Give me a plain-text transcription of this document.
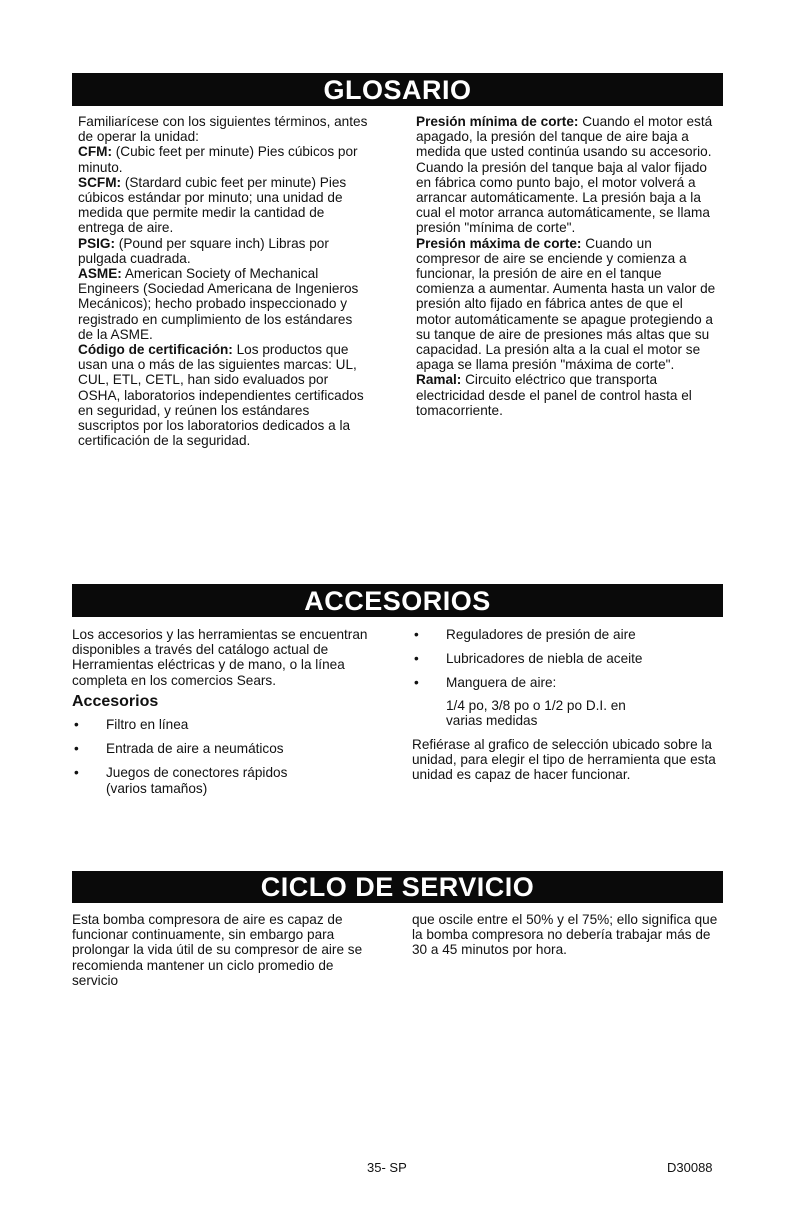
GLOSARIO

Familiarícese con los siguientes términos, antes de operar la unidad:

CFM: (Cubic feet per minute) Pies cúbicos por minuto.

SCFM: (Stardard cubic feet per minute) Pies cúbicos estándar por minuto; una unidad de medida que permite medir la cantidad de entrega de aire.

PSIG: (Pound per square inch) Libras por pulgada cuadrada.

ASME: American Society of Mechanical Engineers (Sociedad Americana de Ingenieros Mecánicos); hecho probado inspeccionado y registrado en cumplimiento de los estándares de la ASME.

Código de certificación: Los productos que usan una o más de las siguientes marcas: UL, CUL, ETL, CETL, han sido evaluados por OSHA, laboratorios independientes certificados en seguridad, y reúnen los estándares suscriptos por los laboratorios dedicados a la certificación de la seguridad.

Presión mínima de corte: Cuando el motor está apagado, la presión del tanque de aire baja a medida que usted continúa usando su accesorio. Cuando la presión del tanque baja al valor fijado en fábrica como punto bajo, el motor volverá a arrancar automáticamente. La presión baja a la cual el motor arranca automáticamente, se llama presión "mínima de corte".

Presión máxima de corte: Cuando un compresor de aire se enciende y comienza a funcionar, la presión de aire en el tanque comienza a aumentar. Aumenta hasta un valor de presión alto fijado en fábrica antes de que el motor automáticamente se apague protegiendo a su tanque de aire de presiones más altas que su capacidad. La presión alta a la cual el motor se apaga se llama presión "máxima de corte".

Ramal: Circuito eléctrico que transporta electricidad desde el panel de control hasta el tomacorriente.

ACCESORIOS

Los accesorios y las herramientas se encuentran disponibles a través del catálogo actual de Herramientas eléctricas y de mano, o la línea completa en los comercios Sears.

Accesorios
• Filtro en línea
• Entrada de aire a neumáticos
• Juegos de conectores rápidos
(varios tamaños)
• Reguladores de presión de aire
• Lubricadores de niebla de aceite
• Manguera de aire:
1/4 po, 3/8 po o 1/2 po D.I. en varias medidas

Refiérase al grafico de selección ubicado sobre la unidad, para elegir el tipo de herramienta que esta unidad es capaz de hacer funcionar.

CICLO DE SERVICIO

Esta bomba compresora de aire es capaz de funcionar continuamente, sin embargo para prolongar la vida útil de su compresor de aire se recomienda mantener un ciclo promedio de servicio

que oscile entre el 50% y el 75%; ello significa que la bomba compresora no debería trabajar más de 30 a 45 minutos por hora.

35- SP	D30088
